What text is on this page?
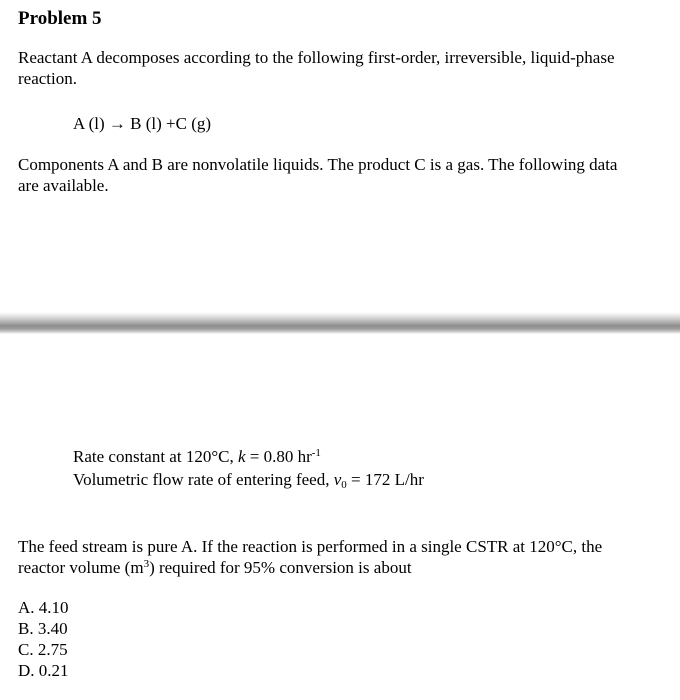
Problem 5
Reactant A decomposes according to the following first-order, irreversible, liquid-phase
reaction.
A (l) → B (l) +C (g)
Components A and B are nonvolatile liquids. The product C is a gas. The following data
are available.
Rate constant at 120°C, k = 0.80 $hr^{-1}$
Volumetric flow rate of entering feed, $v_0 = 172$ L/hr
The feed stream is pure A. If the reaction is performed in a single CSTR at 120°C, the
reactor volume $(m^3)$ required for 95% conversion is about
A. 4.10
B. 3.40
C. 2.75
D. 0.21
